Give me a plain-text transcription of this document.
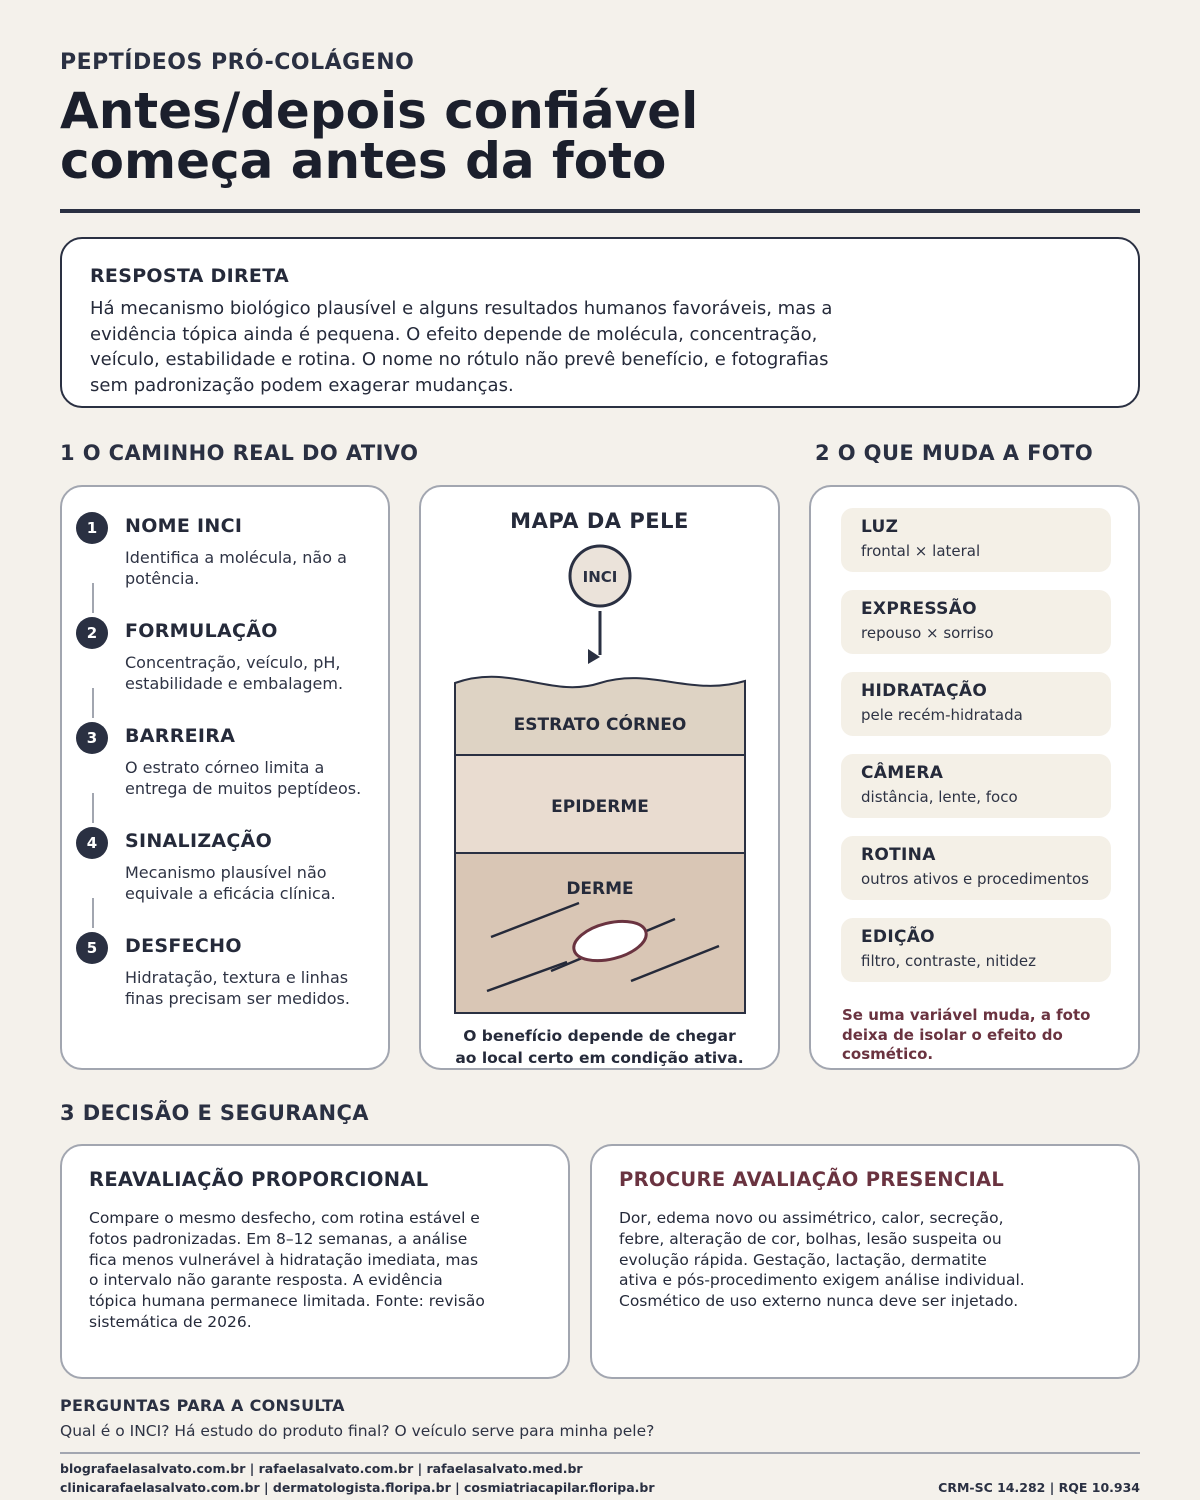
PEPTÍDEOS PRÓ-COLÁGENO
Antes/depois confiável
começa antes da foto
RESPOSTA DIRETA
Há mecanismo biológico plausível e alguns resultados humanos favoráveis, mas a
evidência tópica ainda é pequena. O efeito depende de molécula, concentração,
veículo, estabilidade e rotina. O nome no rótulo não prevê benefício, e fotografias
sem padronização podem exagerar mudanças.
1 O CAMINHO REAL DO ATIVO	2 O QUE MUDA A FOTO
1	NOME INCI
Identifica a molécula, não a
potência.
2	FORMULAÇÃO
Concentração, veículo, pH,
estabilidade e embalagem.
3	BARREIRA
O estrato córneo limita a
entrega de muitos peptídeos.
4	SINALIZAÇÃO
Mecanismo plausível não
equivale a eficácia clínica.
5	DESFECHO
Hidratação, textura e linhas
finas precisam ser medidos.
MAPA DA PELE
INCI
ESTRATO CÓRNEO
EPIDERME
DERME
O benefício depende de chegar
ao local certo em condição ativa.
LUZ
frontal × lateral
EXPRESSÃO
repouso × sorriso
HIDRATAÇÃO
pele recém-hidratada
CÂMERA
distância, lente, foco
ROTINA
outros ativos e procedimentos
EDIÇÃO
filtro, contraste, nitidez
Se uma variável muda, a foto
deixa de isolar o efeito do
cosmético.
3 DECISÃO E SEGURANÇA
REAVALIAÇÃO PROPORCIONAL
Compare o mesmo desfecho, com rotina estável e
fotos padronizadas. Em 8–12 semanas, a análise
fica menos vulnerável à hidratação imediata, mas
o intervalo não garante resposta. A evidência
tópica humana permanece limitada. Fonte: revisão
sistemática de 2026.
PROCURE AVALIAÇÃO PRESENCIAL
Dor, edema novo ou assimétrico, calor, secreção,
febre, alteração de cor, bolhas, lesão suspeita ou
evolução rápida. Gestação, lactação, dermatite
ativa e pós-procedimento exigem análise individual.
Cosmético de uso externo nunca deve ser injetado.
PERGUNTAS PARA A CONSULTA
Qual é o INCI? Há estudo do produto final? O veículo serve para minha pele?
blografaelasalvato.com.br | rafaelasalvato.com.br | rafaelasalvato.med.br
clinicarafaelasalvato.com.br | dermatologista.floripa.br | cosmiatriacapilar.floripa.br	CRM-SC 14.282 | RQE 10.934
